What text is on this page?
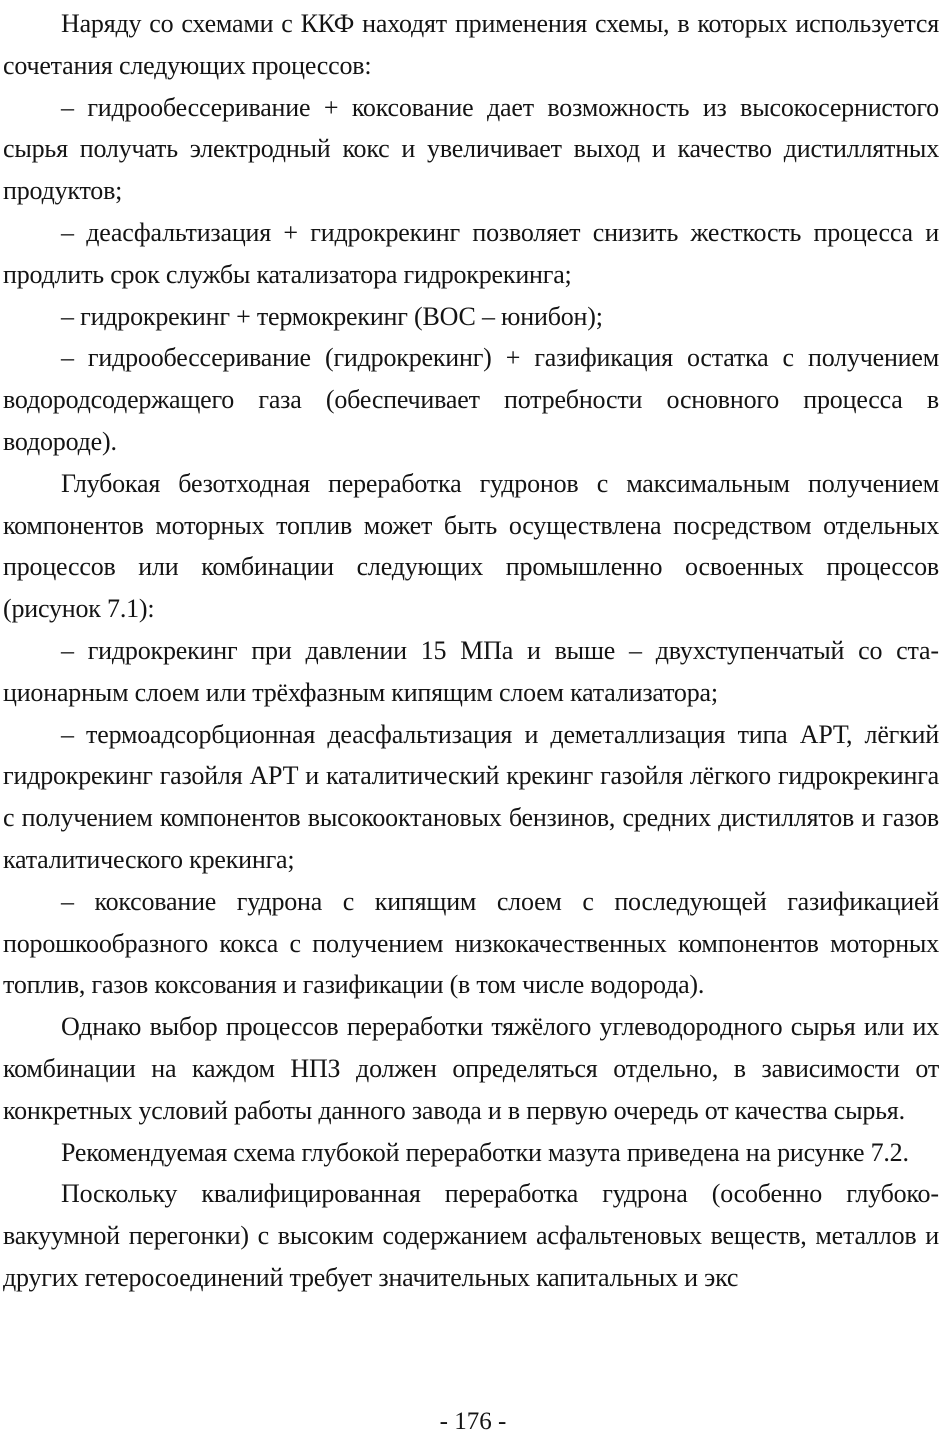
Наряду со схемами с ККФ находят применения схемы, в которых используется сочетания следующих процессов:

– гидрообессеривание + коксование дает возможность из высокосернистого сырья получать электродный кокс и увеличивает выход и качество дистиллятных продуктов;

– деасфальтизация + гидрокрекинг позволяет снизить жесткость процесса и продлить срок службы катализатора гидрокрекинга;

– гидрокрекинг + термокрекинг (ВОС – юнибон);

– гидрообессеривание (гидрокрекинг) + газификация остатка с получением водородсодержащего газа (обеспечивает потребности основного процесса в водороде).

Глубокая безотходная переработка гудронов с максимальным получением компонентов моторных топлив может быть осуществлена посредством отдельных процессов или комбинации следующих промышленно освоенных процессов (рисунок 7.1):

– гидрокрекинг при давлении 15 МПа и выше – двухступенчатый со стационарным слоем или трёхфазным кипящим слоем катализатора;

– термоадсорбционная деасфальтизация и деметаллизация типа АРТ, лёгкий гидрокрекинг газойля АРТ и каталитический крекинг газойля лёгкого гидрокрекинга с получением компонентов высокооктановых бензинов, средних дистиллятов и газов каталитического крекинга;

– коксование гудрона с кипящим слоем с последующей газификацией порошкообразного кокса с получением низкокачественных компонентов моторных топлив, газов коксования и газификации (в том числе водорода).

Однако выбор процессов переработки тяжёлого углеводородного сырья или их комбинации на каждом НПЗ должен определяться отдельно, в зависимости от конкретных условий работы данного завода и в первую очередь от качества сырья.

Рекомендуемая схема глубокой переработки мазута приведена на рисунке 7.2.

Поскольку квалифицированная переработка гудрона (особенно глубоковакуумной перегонки) с высоким содержанием асфальтеновых веществ, металлов и других гетеросоединений требует значительных капитальных и экс

- 176 -
